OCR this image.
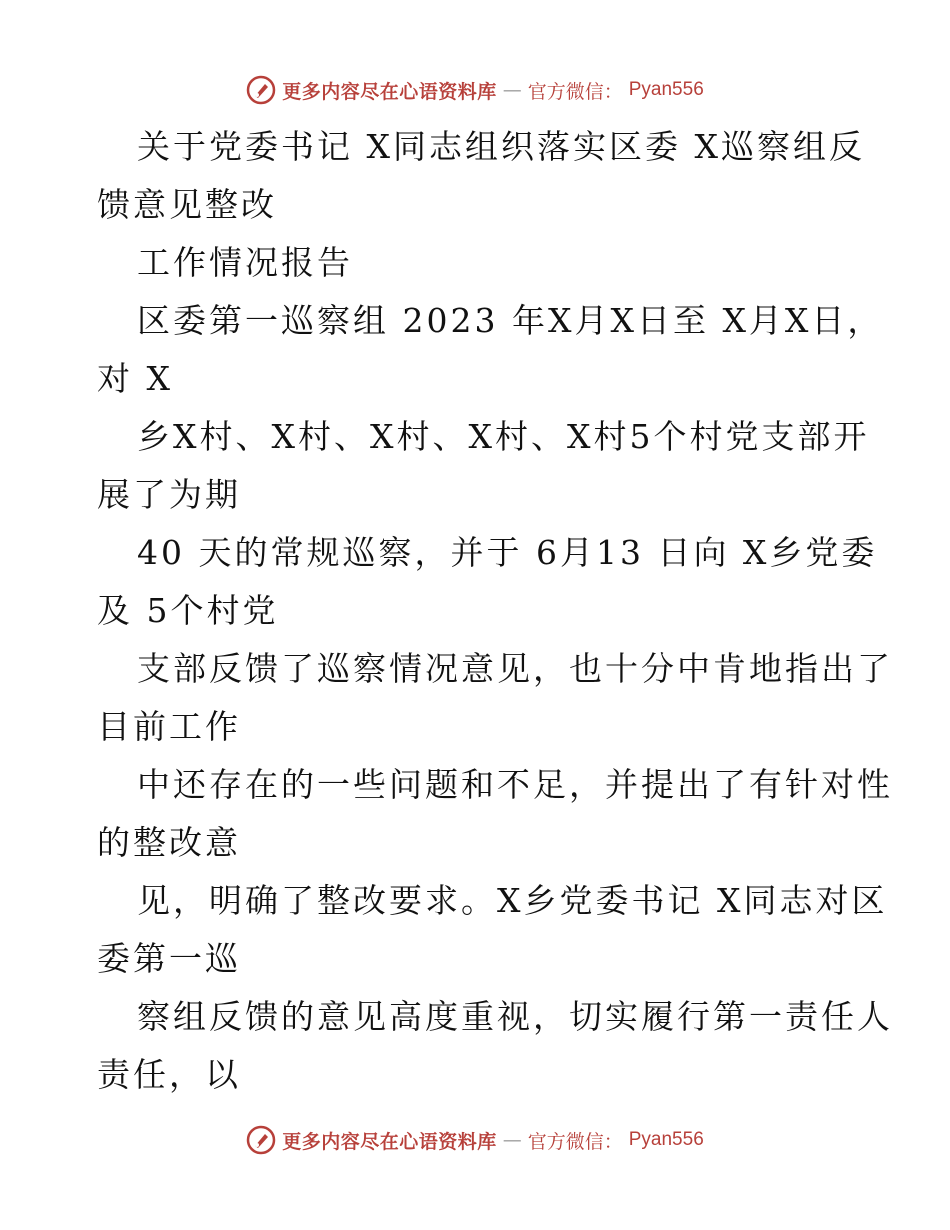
更多内容尽在心语资料库 — 官方微信： Pyan556
关于党委书记 X同志组织落实区委 X巡察组反
馈意见整改
工作情况报告
区委第一巡察组 2023 年X月X日至 X月X日，
对 X
乡X村、X村、X村、X村、X村5个村党支部开
展了为期
40 天的常规巡察，并于 6月13 日向 X乡党委
及 5个村党
支部反馈了巡察情况意见，也十分中肯地指出了
目前工作
中还存在的一些问题和不足，并提出了有针对性
的整改意
见，明确了整改要求。X乡党委书记 X同志对区
委第一巡
察组反馈的意见高度重视，切实履行第一责任人
责任，以
更多内容尽在心语资料库 — 官方微信： Pyan556
